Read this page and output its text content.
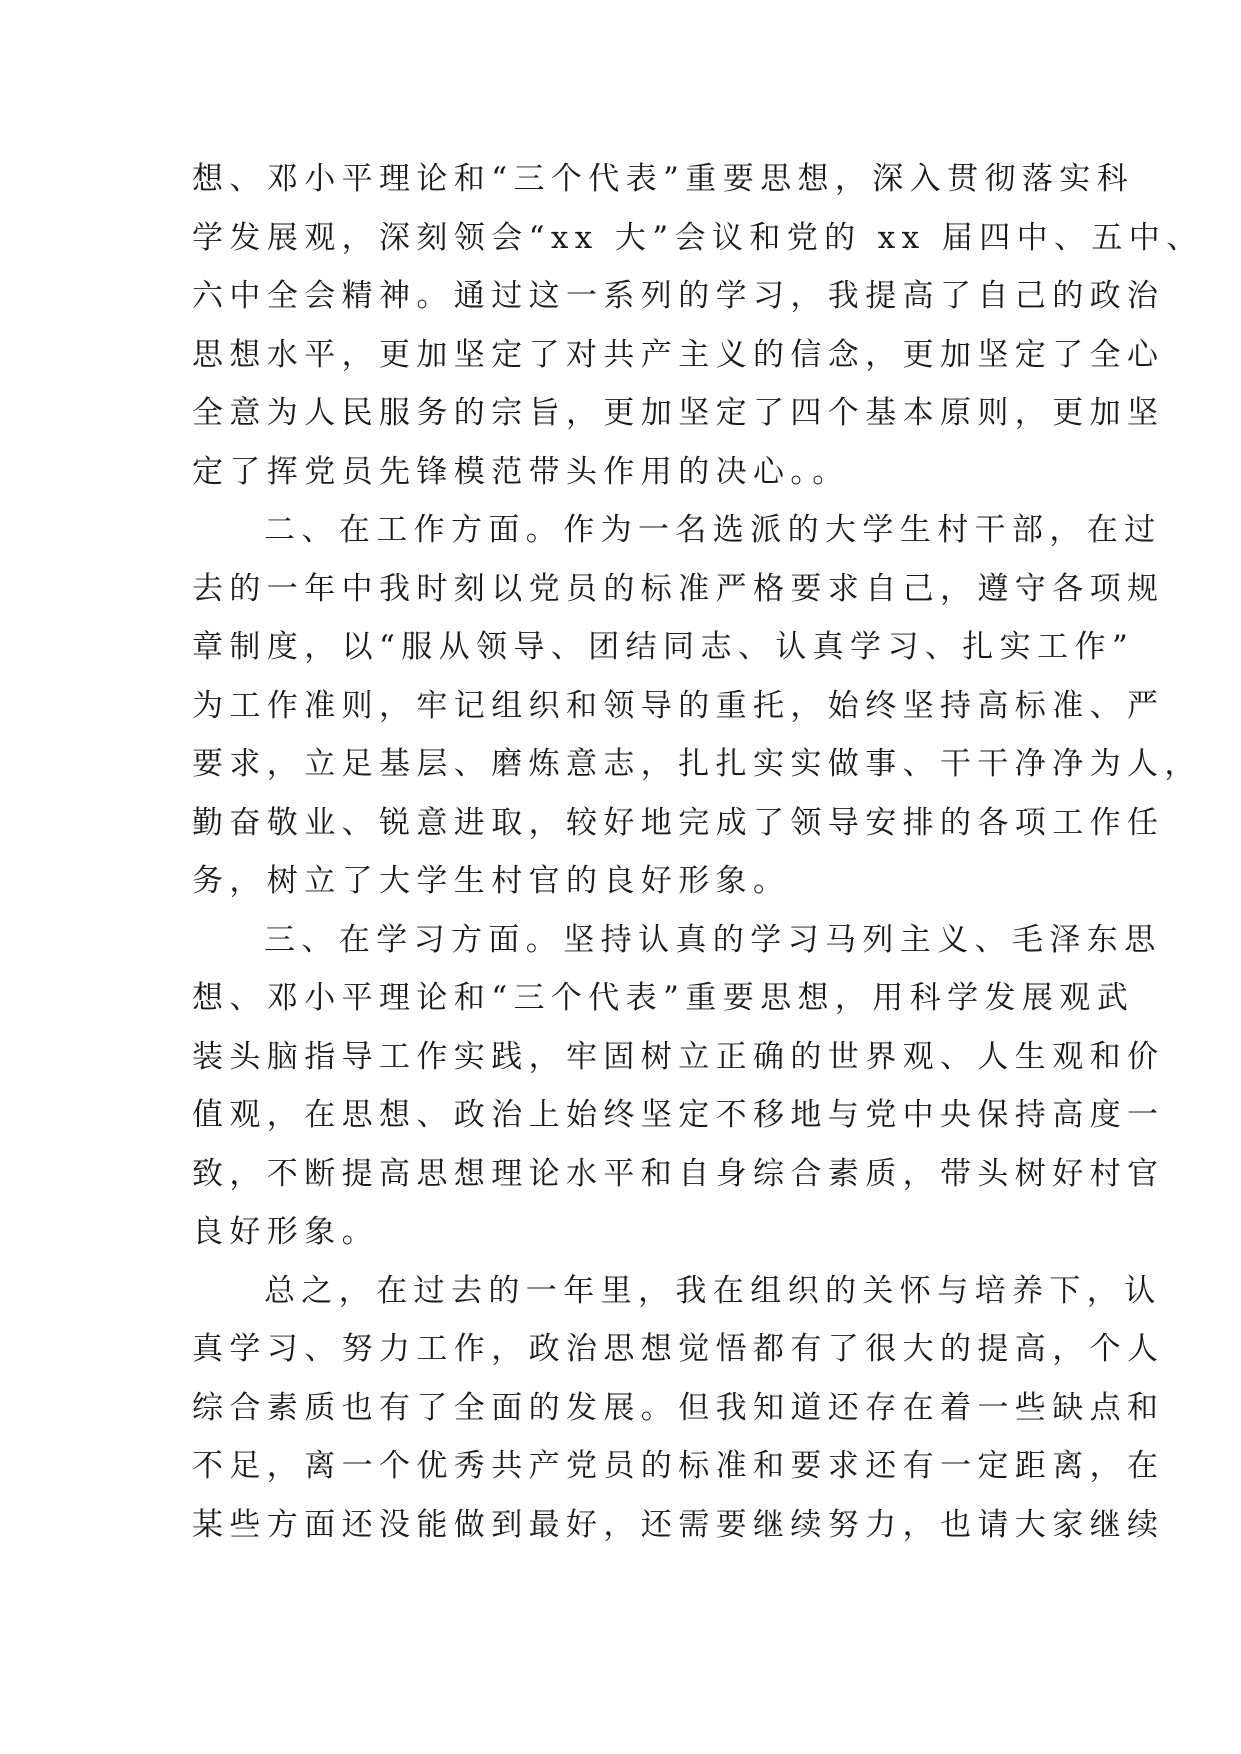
想、邓小平理论和“三个代表”重要思想，深入贯彻落实科
学发展观，深刻领会“xx 大”会议和党的 xx 届四中、五中、
六中全会精神。通过这一系列的学习，我提高了自己的政治
思想水平，更加坚定了对共产主义的信念，更加坚定了全心
全意为人民服务的宗旨，更加坚定了四个基本原则，更加坚
定了挥党员先锋模范带头作用的决心。。
二、在工作方面。作为一名选派的大学生村干部，在过
去的一年中我时刻以党员的标准严格要求自己，遵守各项规
章制度，以“服从领导、团结同志、认真学习、扎实工作”
为工作准则，牢记组织和领导的重托，始终坚持高标准、严
要求，立足基层、磨炼意志，扎扎实实做事、干干净净为人，
勤奋敬业、锐意进取，较好地完成了领导安排的各项工作任
务，树立了大学生村官的良好形象。
三、在学习方面。坚持认真的学习马列主义、毛泽东思
想、邓小平理论和“三个代表”重要思想，用科学发展观武
装头脑指导工作实践，牢固树立正确的世界观、人生观和价
值观，在思想、政治上始终坚定不移地与党中央保持高度一
致，不断提高思想理论水平和自身综合素质，带头树好村官
良好形象。
总之，在过去的一年里，我在组织的关怀与培养下，认
真学习、努力工作，政治思想觉悟都有了很大的提高，个人
综合素质也有了全面的发展。但我知道还存在着一些缺点和
不足，离一个优秀共产党员的标准和要求还有一定距离，在
某些方面还没能做到最好，还需要继续努力，也请大家继续
